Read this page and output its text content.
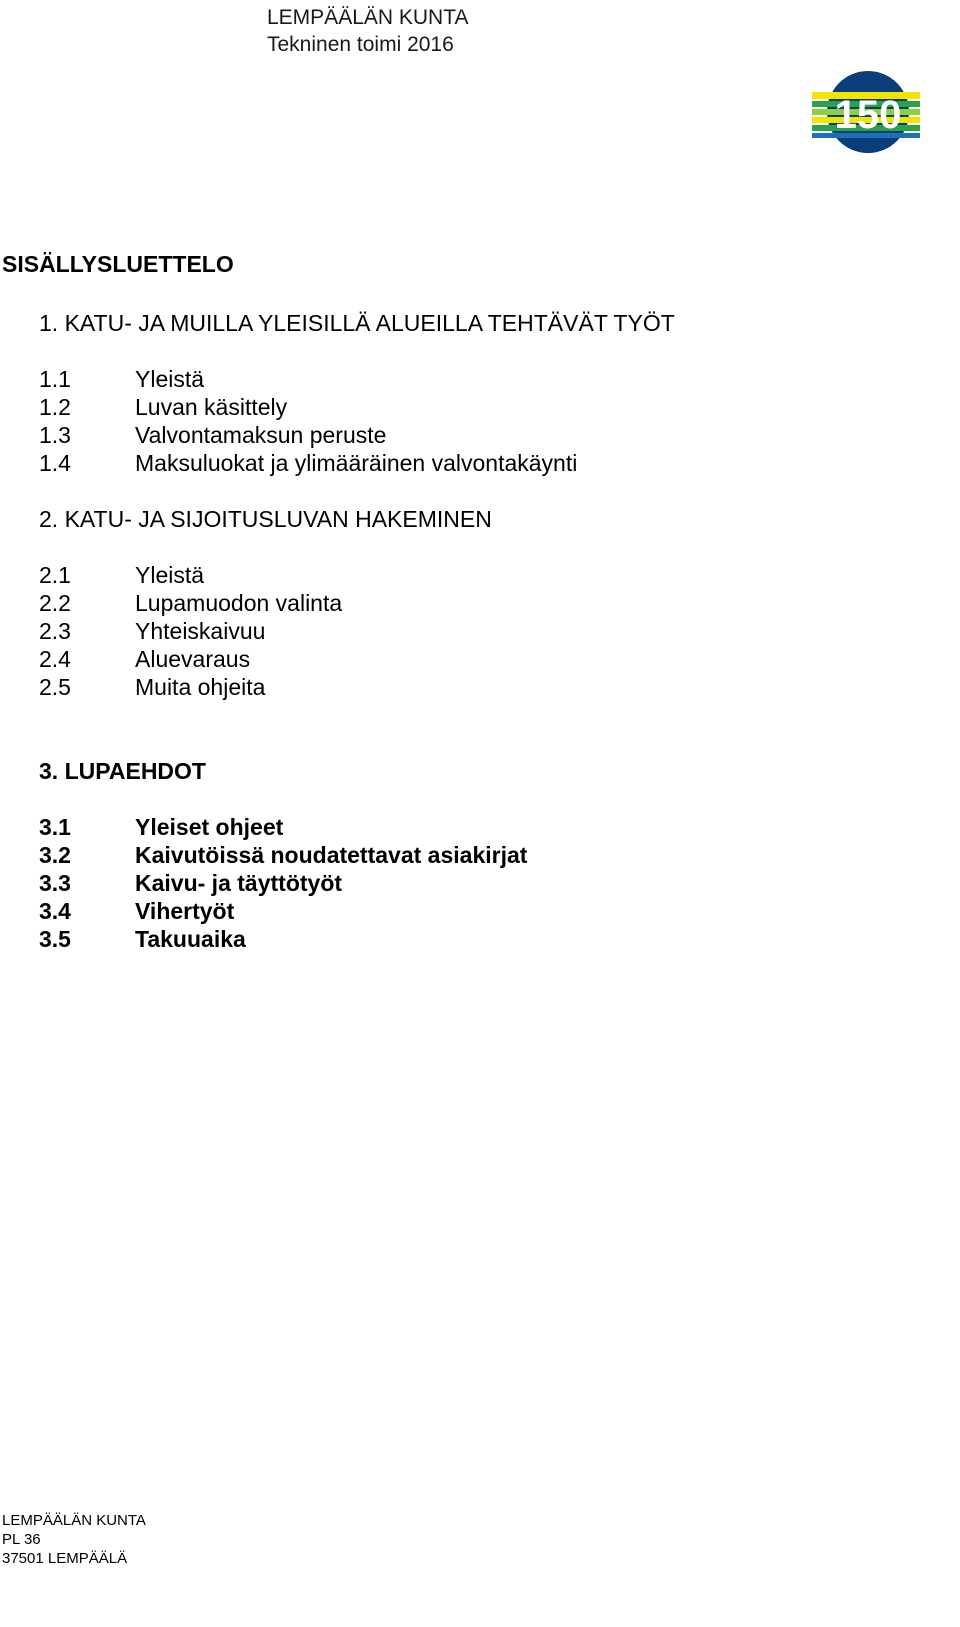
LEMPÄÄLÄN KUNTA
Tekninen toimi 2016
150
SISÄLLYSLUETTELO
1. KATU- JA MUILLA YLEISILLÄ ALUEILLA TEHTÄVÄT TYÖT
1.1	Yleistä
1.2	Luvan käsittely
1.3	Valvontamaksun peruste
1.4	Maksuluokat ja ylimääräinen valvontakäynti
2. KATU- JA SIJOITUSLUVAN HAKEMINEN
2.1	Yleistä
2.2	Lupamuodon valinta
2.3	Yhteiskaivuu
2.4	Aluevaraus
2.5	Muita ohjeita
3. LUPAEHDOT
3.1	Yleiset ohjeet
3.2	Kaivutöissä noudatettavat asiakirjat
3.3	Kaivu- ja täyttötyöt
3.4	Vihertyöt
3.5	Takuuaika
LEMPÄÄLÄN KUNTA
PL 36
37501 LEMPÄÄLÄ
